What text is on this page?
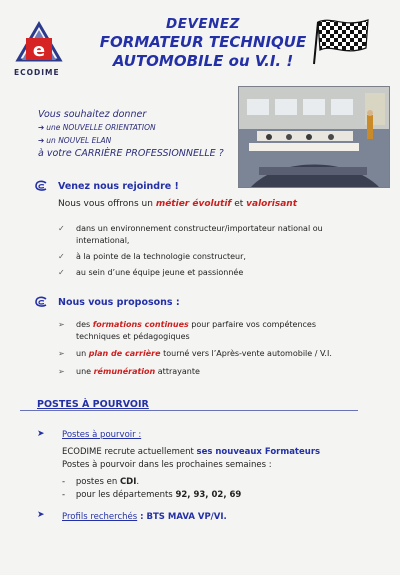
e
ECODIME
DEVENEZ
FORMATEUR TECHNIQUE
AUTOMOBILE ou V.I. !
Vous souhaitez donner
➔ une NOUVELLE ORIENTATION
➔ un NOUVEL ELAN
à votre CARRIÈRE PROFESSIONNELLE ?
Venez nous rejoindre !
Nous vous offrons un métier évolutif et valorisant
✓ dans un environnement constructeur/importateur national ou
international,
✓ à la pointe de la technologie constructeur,
✓ au sein d’une équipe jeune et passionnée
Nous vous proposons :
➢ des formations continues pour parfaire vos compétences
techniques et pédagogiques
➢ un plan de carrière tourné vers l’Après-vente automobile / V.I.
➢ une rémunération attrayante
POSTES À POURVOIR
➤ Postes à pourvoir :
ECODIME recrute actuellement ses nouveaux Formateurs
Postes à pourvoir dans les prochaines semaines :
- postes en CDI.
- pour les départements 92, 93, 02, 69
➤ Profils recherchés : BTS MAVA VP/VI.
